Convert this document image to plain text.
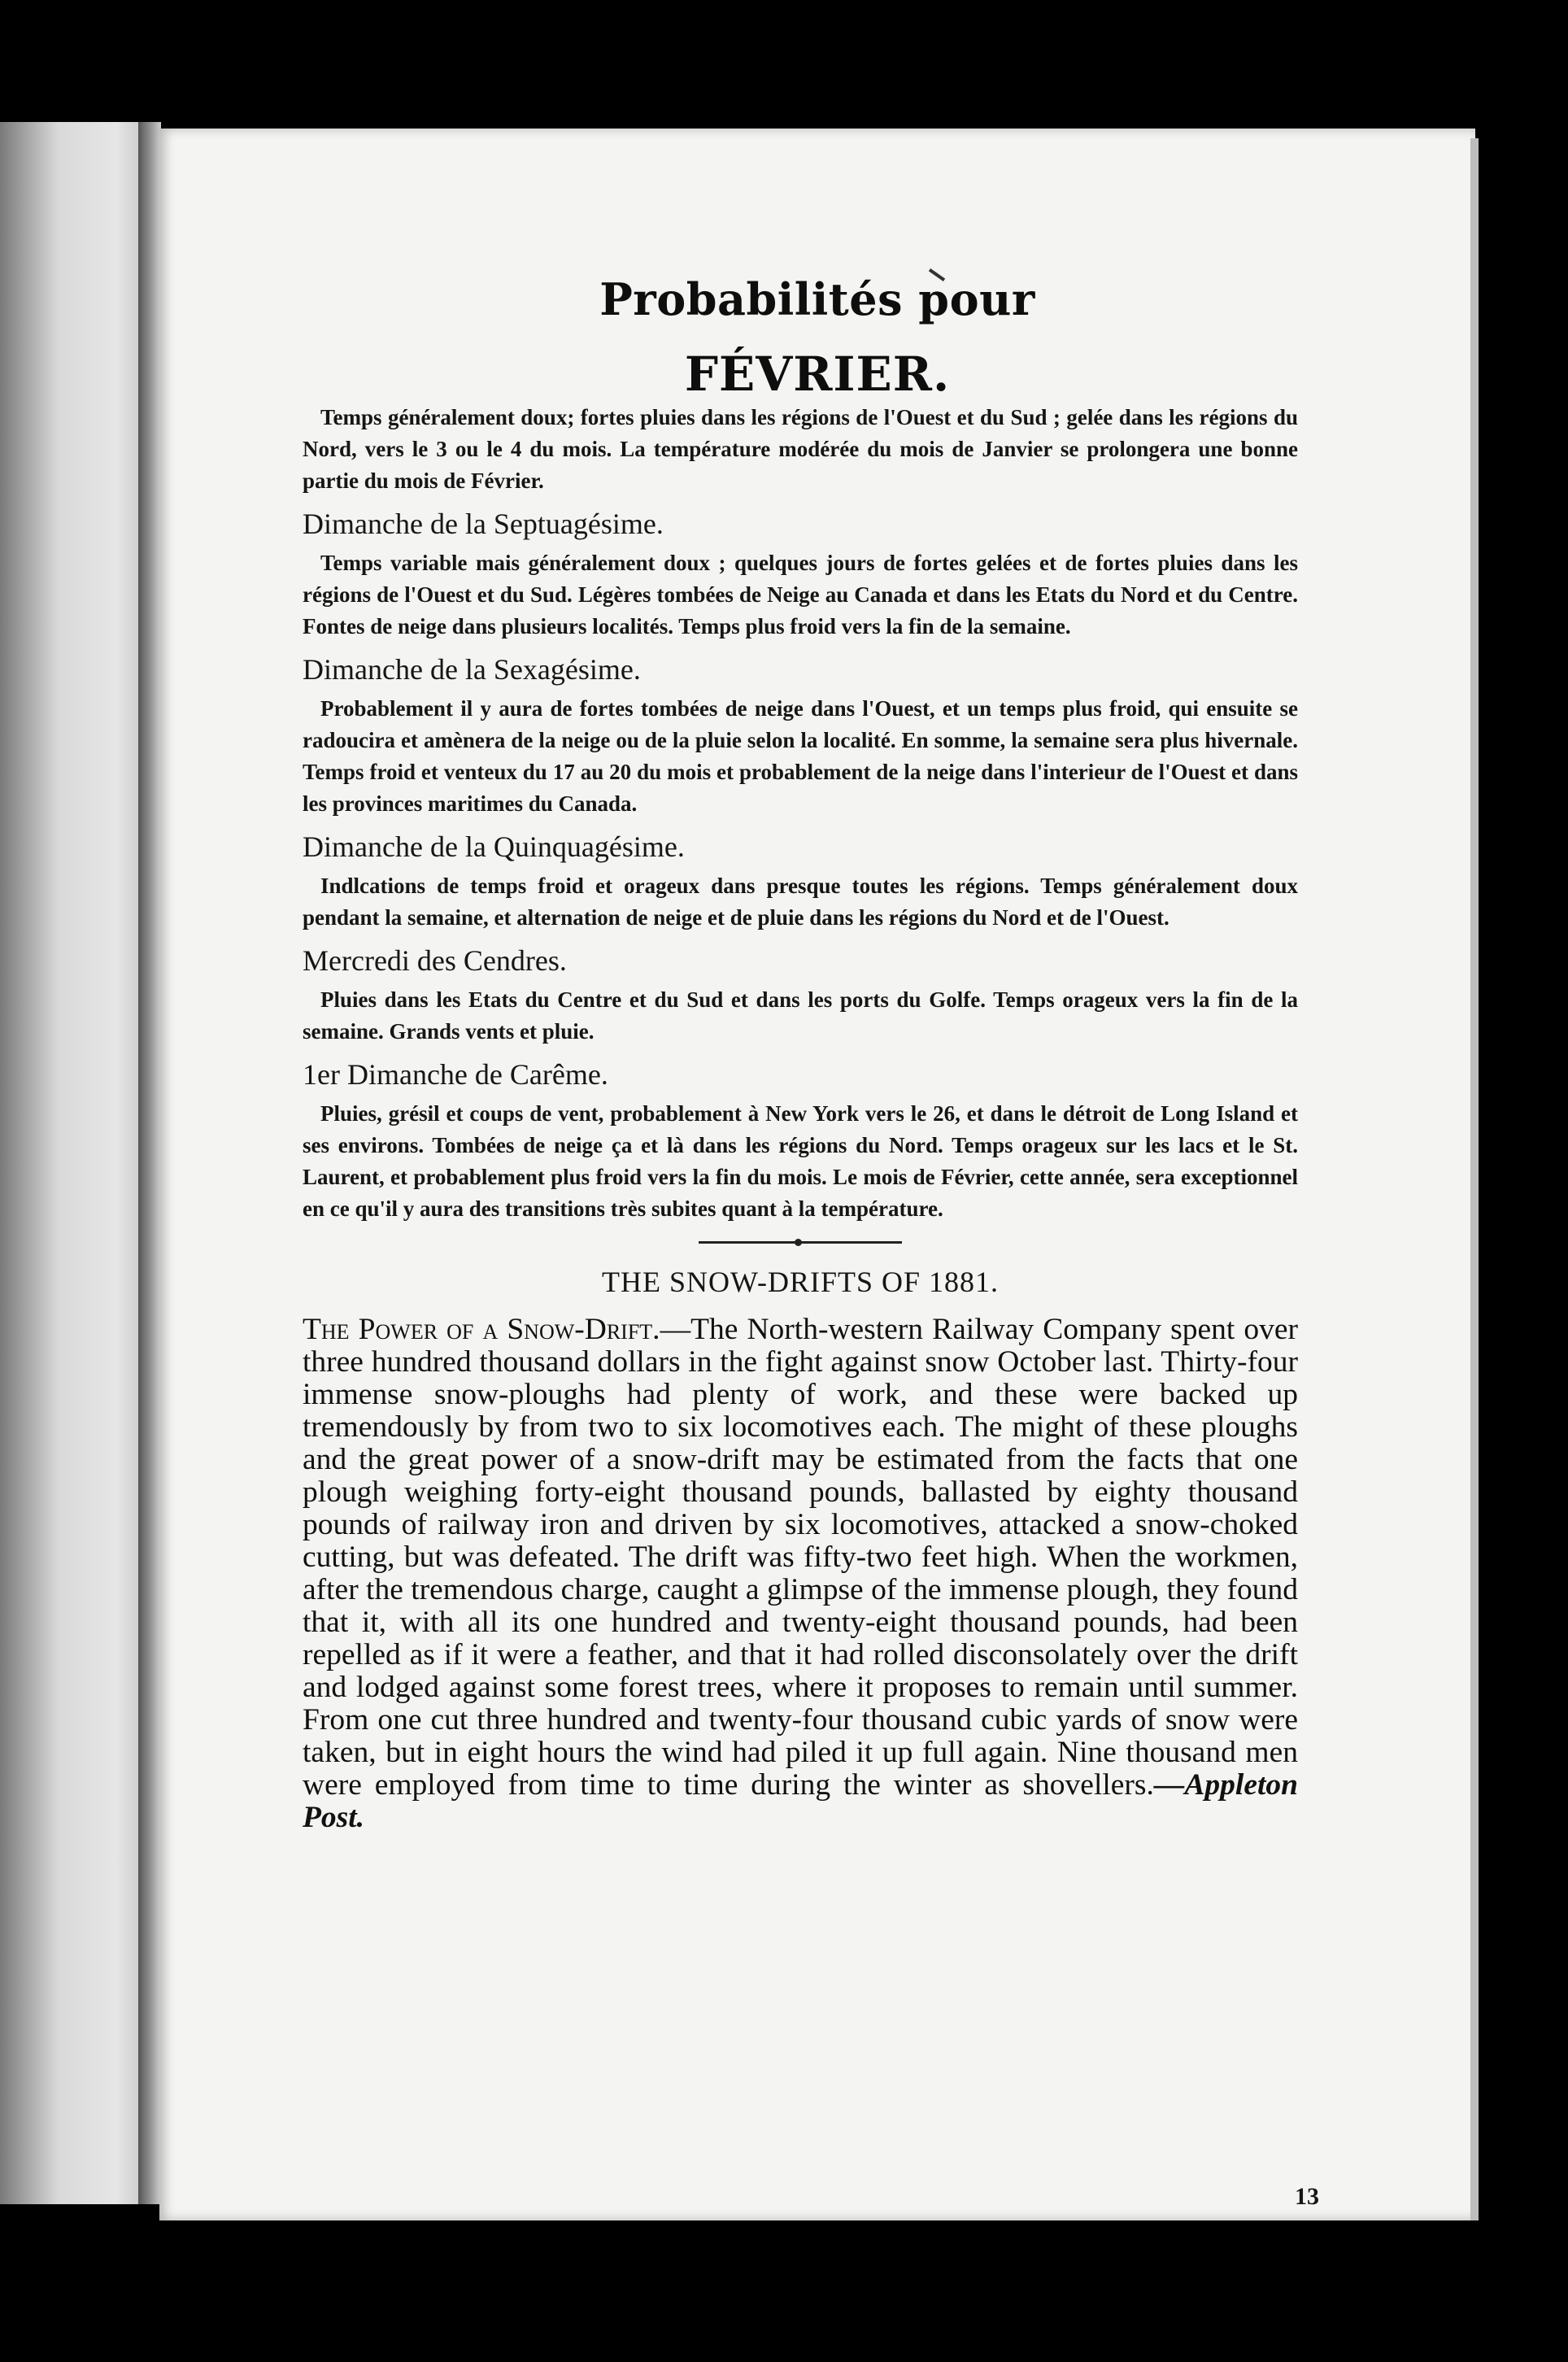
Probabilités pour
FÉVRIER.

Temps généralement doux; fortes pluies dans les régions de l'Ouest et du Sud ; gelée dans les régions du Nord, vers le 3 ou le 4 du mois. La température modérée du mois de Janvier se prolongera une bonne partie du mois de Février.

Dimanche de la Septuagésime.

Temps variable mais généralement doux ; quelques jours de fortes gelées et de fortes pluies dans les régions de l'Ouest et du Sud. Légères tombées de Neige au Canada et dans les Etats du Nord et du Centre. Fontes de neige dans plusieurs localités. Temps plus froid vers la fin de la semaine.

Dimanche de la Sexagésime.

Probablement il y aura de fortes tombées de neige dans l'Ouest, et un temps plus froid, qui ensuite se radoucira et amènera de la neige ou de la pluie selon la localité. En somme, la semaine sera plus hivernale. Temps froid et venteux du 17 au 20 du mois et probablement de la neige dans l'interieur de l'Ouest et dans les provinces maritimes du Canada.

Dimanche de la Quinquagésime.

Indlcations de temps froid et orageux dans presque toutes les régions. Temps généralement doux pendant la semaine, et alternation de neige et de pluie dans les régions du Nord et de l'Ouest.

Mercredi des Cendres.

Pluies dans les Etats du Centre et du Sud et dans les ports du Golfe. Temps orageux vers la fin de la semaine. Grands vents et pluie.

1er Dimanche de Carême.

Pluies, grésil et coups de vent, probablement à New York vers le 26, et dans le détroit de Long Island et ses environs. Tombées de neige ça et là dans les régions du Nord. Temps orageux sur les lacs et le St. Laurent, et probablement plus froid vers la fin du mois. Le mois de Février, cette année, sera exceptionnel en ce qu'il y aura des transitions très subites quant à la température.

THE SNOW-DRIFTS OF 1881.

The Power of a Snow-Drift.—The North-western Railway Company spent over three hundred thousand dollars in the fight against snow October last. Thirty-four immense snow-ploughs had plenty of work, and these were backed up tremendously by from two to six locomotives each. The might of these ploughs and the great power of a snow-drift may be estimated from the facts that one plough weighing forty-eight thousand pounds, ballasted by eighty thousand pounds of railway iron and driven by six locomotives, attacked a snow-choked cutting, but was defeated. The drift was fifty-two feet high. When the workmen, after the tremendous charge, caught a glimpse of the immense plough, they found that it, with all its one hundred and twenty-eight thousand pounds, had been repelled as if it were a feather, and that it had rolled disconsolately over the drift and lodged against some forest trees, where it proposes to remain until summer. From one cut three hundred and twenty-four thousand cubic yards of snow were taken, but in eight hours the wind had piled it up full again. Nine thousand men were employed from time to time during the winter as shovellers.—Appleton Post.

13
